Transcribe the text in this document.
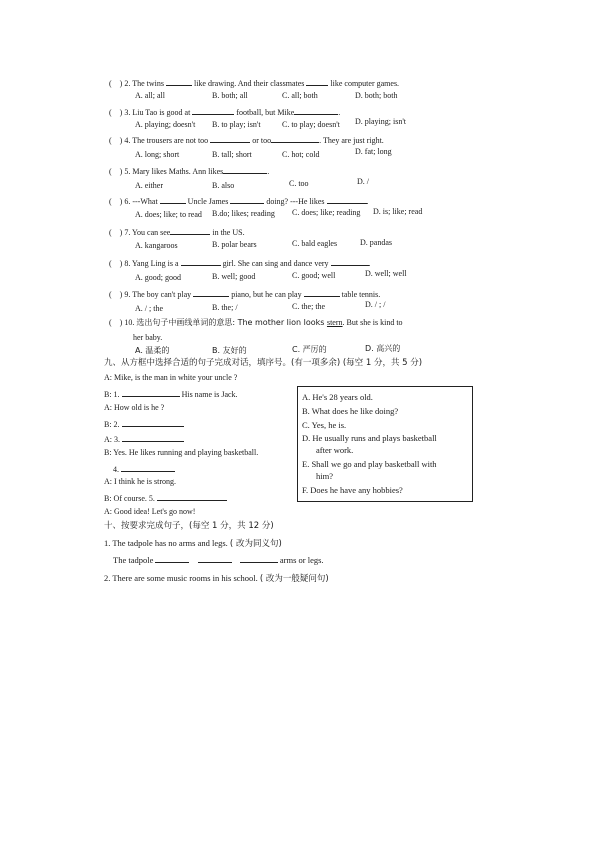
( ) 2. The twins	like drawing. And their classmates	like computer games.
A. all; all	B. both; all	C. all; both	D. both; both
( ) 3. Liu Tao is good at	football, but Mike	.
A. playing; doesn't B. to play; isn't	C. to play; doesn't D. playing; isn't
( ) 4. The trousers are not too	or too	. They are just right.
A. long; short	B. tall; short	C. hot; cold	D. fat; long
( ) 5. Mary likes Maths. Ann likes	.
A. either	B. also	C. too	D. /
( ) 6. ---What	Uncle James	doing? ---He likes	.
A. does; like; to read B.do; likes; reading C. does; like; reading D. is; like; read
( ) 7. You can see	in the US.
A. kangaroos	B. polar bears	C. bald eagles	D. pandas
( ) 8. Yang Ling is a	girl. She can sing and dance very	.
A. good; good	B. well; good	C. good; well	D. well; well
( ) 9. The boy can't play	piano, but he can play	table tennis.
A. / ; the	B. the; /	C. the; the	D. / ; /
( ) 10. 选出句子中画线单词的意思: The mother lion looks stern. But she is kind to
her baby.
A. 温柔的	B. 友好的	C. 严厉的	D. 高兴的
九、从方框中选择合适的句子完成对话，填序号。(有一项多余) (每空 1 分，共 5 分)
A: Mike, is the man in white your uncle ?
B: 1.	His name is Jack.
A: How old is he ?
B: 2.
A: 3.
B: Yes. He likes running and playing basketball.
4.
A: I think he is strong.
B: Of course. 5.
A: Good idea! Let's go now!
A. He's 28 years old.
B. What does he like doing?
C. Yes, he is.
D. He usually runs and plays basketball
after work.
E. Shall we go and play basketball with
him?
F. Does he have any hobbies?
十、按要求完成句子，(每空 1 分，共 12 分)
1. The tadpole has no arms and legs. ( 改为同义句)
The tadpole	arms or legs.
2. There are some music rooms in his school. ( 改为一般疑问句)
